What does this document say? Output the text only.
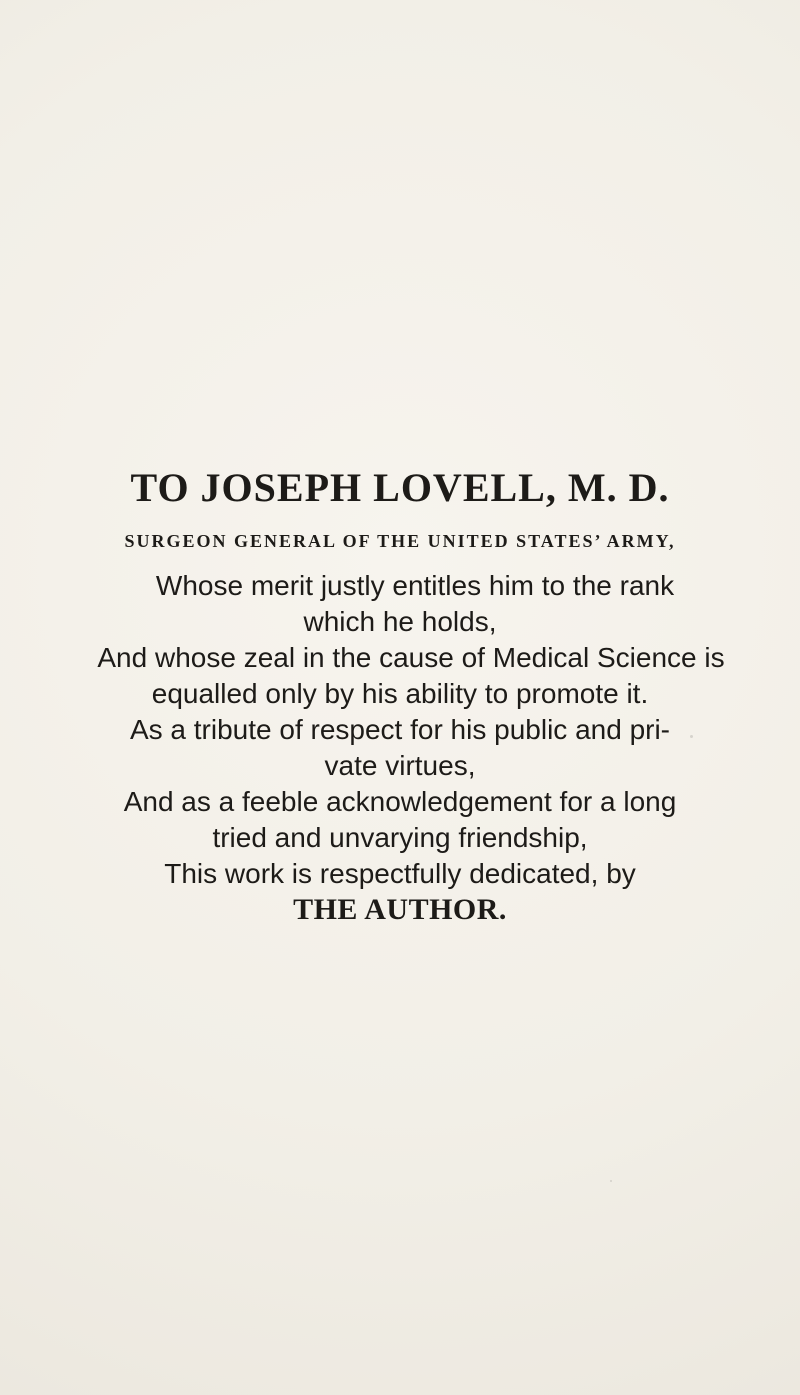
TO JOSEPH LOVELL, M. D.
SURGEON GENERAL OF THE UNITED STATES’ ARMY,
Whose merit justly entitles him to the rank
which he holds,
And whose zeal in the cause of Medical Science is
equalled only by his ability to promote it.
As a tribute of respect for his public and pri-
vate virtues,
And as a feeble acknowledgement for a long
tried and unvarying friendship,
This work is respectfully dedicated, by
THE AUTHOR.
